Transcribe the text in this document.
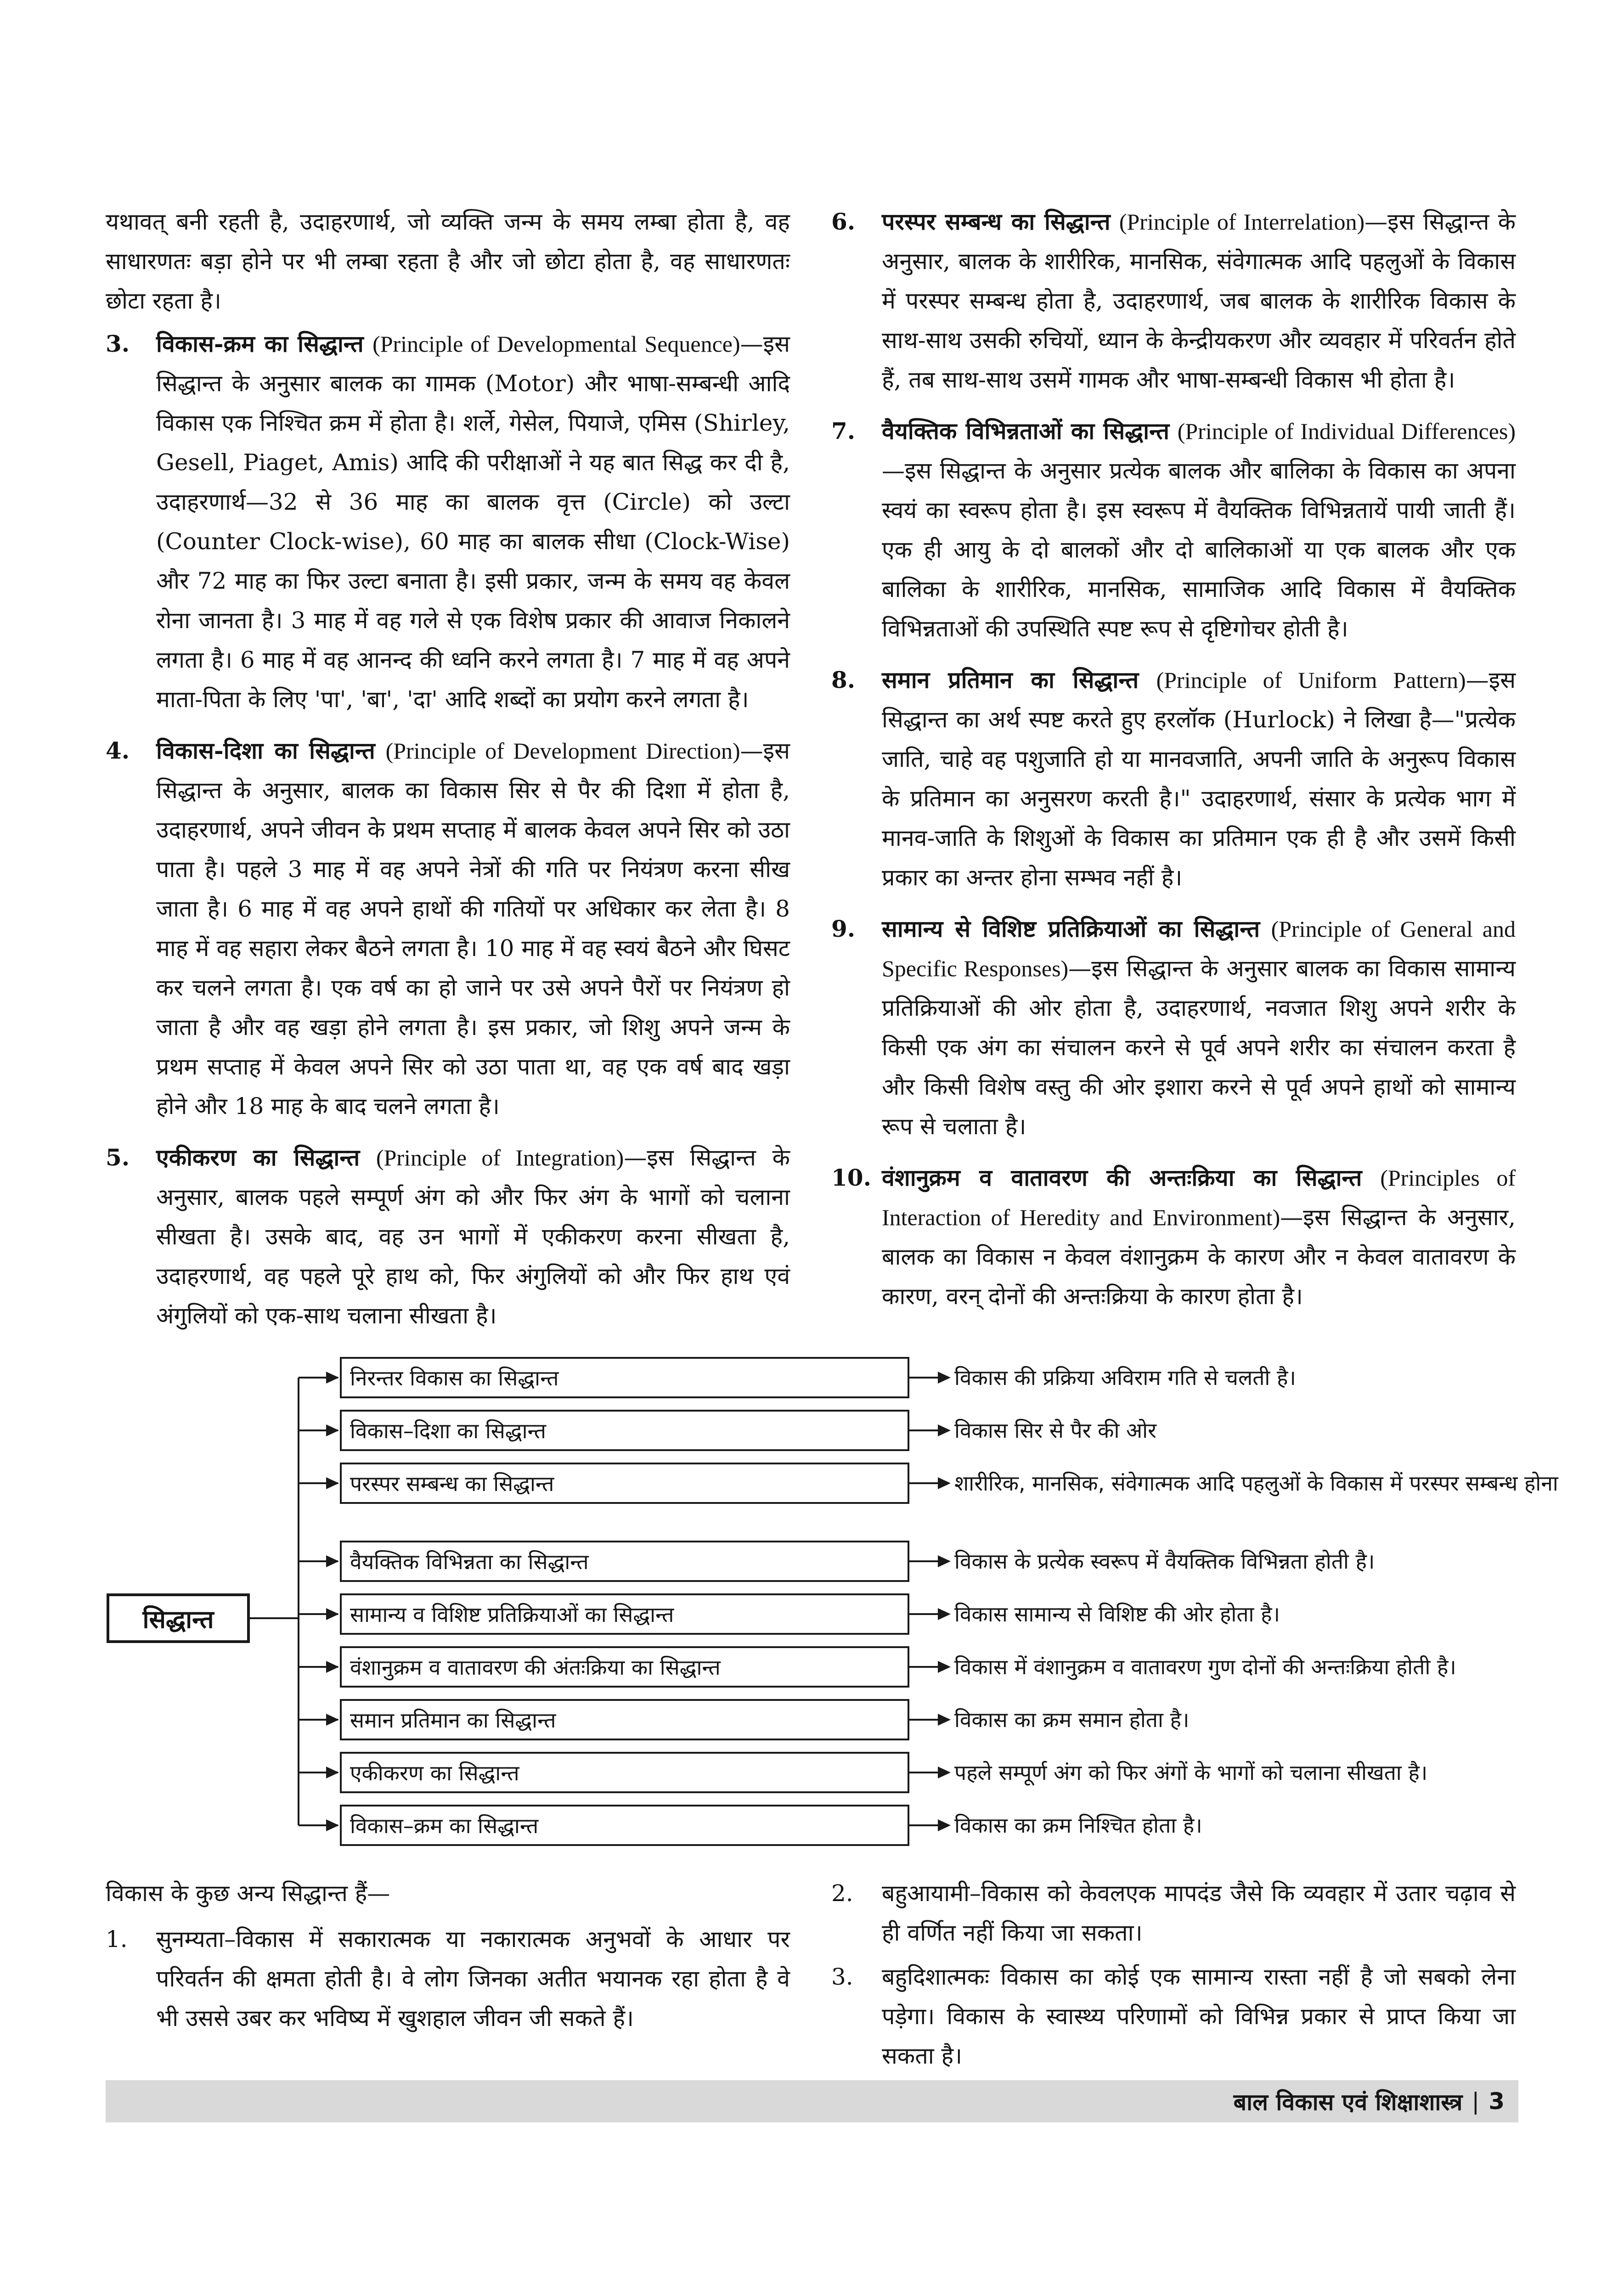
यथावत् बनी रहती है, उदाहरणार्थ, जो व्यक्ति जन्म के समय लम्बा होता है, वह साधारणतः बड़ा होने पर भी लम्बा रहता है और जो छोटा होता है, वह साधारणतः छोटा रहता है।

3.	विकास-क्रम का सिद्धान्त (Principle of Developmental Sequence)—इस सिद्धान्त के अनुसार बालक का गामक (Motor) और भाषा-सम्बन्धी आदि विकास एक निश्चित क्रम में होता है। शर्ले, गेसेल, पियाजे, एमिस (Shirley, Gesell, Piaget, Amis) आदि की परीक्षाओं ने यह बात सिद्ध कर दी है, उदाहरणार्थ—32 से 36 माह का बालक वृत्त (Circle) को उल्टा (Counter Clock-wise), 60 माह का बालक सीधा (Clock-Wise) और 72 माह का फिर उल्टा बनाता है। इसी प्रकार, जन्म के समय वह केवल रोना जानता है। 3 माह में वह गले से एक विशेष प्रकार की आवाज निकालने लगता है। 6 माह में वह आनन्द की ध्वनि करने लगता है। 7 माह में वह अपने माता-पिता के लिए 'पा', 'बा', 'दा' आदि शब्दों का प्रयोग करने लगता है।

4.	विकास-दिशा का सिद्धान्त (Principle of Development Direction)—इस सिद्धान्त के अनुसार, बालक का विकास सिर से पैर की दिशा में होता है, उदाहरणार्थ, अपने जीवन के प्रथम सप्ताह में बालक केवल अपने सिर को उठा पाता है। पहले 3 माह में वह अपने नेत्रों की गति पर नियंत्रण करना सीख जाता है। 6 माह में वह अपने हाथों की गतियों पर अधिकार कर लेता है। 8 माह में वह सहारा लेकर बैठने लगता है। 10 माह में वह स्वयं बैठने और घिसट कर चलने लगता है। एक वर्ष का हो जाने पर उसे अपने पैरों पर नियंत्रण हो जाता है और वह खड़ा होने लगता है। इस प्रकार, जो शिशु अपने जन्म के प्रथम सप्ताह में केवल अपने सिर को उठा पाता था, वह एक वर्ष बाद खड़ा होने और 18 माह के बाद चलने लगता है।

5.	एकीकरण का सिद्धान्त (Principle of Integration)—इस सिद्धान्त के अनुसार, बालक पहले सम्पूर्ण अंग को और फिर अंग के भागों को चलाना सीखता है। उसके बाद, वह उन भागों में एकीकरण करना सीखता है, उदाहरणार्थ, वह पहले पूरे हाथ को, फिर अंगुलियों को और फिर हाथ एवं अंगुलियों को एक-साथ चलाना सीखता है।

6.	परस्पर सम्बन्ध का सिद्धान्त (Principle of Interrelation)—इस सिद्धान्त के अनुसार, बालक के शारीरिक, मानसिक, संवेगात्मक आदि पहलुओं के विकास में परस्पर सम्बन्ध होता है, उदाहरणार्थ, जब बालक के शारीरिक विकास के साथ-साथ उसकी रुचियों, ध्यान के केन्द्रीयकरण और व्यवहार में परिवर्तन होते हैं, तब साथ-साथ उसमें गामक और भाषा-सम्बन्धी विकास भी होता है।

7.	वैयक्तिक विभिन्नताओं का सिद्धान्त (Principle of Individual Differences)—इस सिद्धान्त के अनुसार प्रत्येक बालक और बालिका के विकास का अपना स्वयं का स्वरूप होता है। इस स्वरूप में वैयक्तिक विभिन्नतायें पायी जाती हैं। एक ही आयु के दो बालकों और दो बालिकाओं या एक बालक और एक बालिका के शारीरिक, मानसिक, सामाजिक आदि विकास में वैयक्तिक विभिन्नताओं की उपस्थिति स्पष्ट रूप से दृष्टिगोचर होती है।

8.	समान प्रतिमान का सिद्धान्त (Principle of Uniform Pattern)—इस सिद्धान्त का अर्थ स्पष्ट करते हुए हरलॉक (Hurlock) ने लिखा है—"प्रत्येक जाति, चाहे वह पशुजाति हो या मानवजाति, अपनी जाति के अनुरूप विकास के प्रतिमान का अनुसरण करती है।" उदाहरणार्थ, संसार के प्रत्येक भाग में मानव-जाति के शिशुओं के विकास का प्रतिमान एक ही है और उसमें किसी प्रकार का अन्तर होना सम्भव नहीं है।

9.	सामान्य से विशिष्ट प्रतिक्रियाओं का सिद्धान्त (Principle of General and Specific Responses)—इस सिद्धान्त के अनुसार बालक का विकास सामान्य प्रतिक्रियाओं की ओर होता है, उदाहरणार्थ, नवजात शिशु अपने शरीर के किसी एक अंग का संचालन करने से पूर्व अपने शरीर का संचालन करता है और किसी विशेष वस्तु की ओर इशारा करने से पूर्व अपने हाथों को सामान्य रूप से चलाता है।

10. वंशानुक्रम व वातावरण की अन्तःक्रिया का सिद्धान्त (Principles of Interaction of Heredity and Environment)—इस सिद्धान्त के अनुसार, बालक का विकास न केवल वंशानुक्रम के कारण और न केवल वातावरण के कारण, वरन् दोनों की अन्तःक्रिया के कारण होता है।

सिद्धान्त
निरन्तर विकास का सिद्धान्त
विकास–दिशा का सिद्धान्त
परस्पर सम्बन्ध का सिद्धान्त
वैयक्तिक विभिन्नता का सिद्धान्त
सामान्य व विशिष्ट प्रतिक्रियाओं का सिद्धान्त
वंशानुक्रम व वातावरण की अंतःक्रिया का सिद्धान्त
समान प्रतिमान का सिद्धान्त
एकीकरण का सिद्धान्त
विकास–क्रम का सिद्धान्त
विकास की प्रक्रिया अविराम गति से चलती है।
विकास सिर से पैर की ओर
शारीरिक, मानसिक, संवेगात्मक आदि पहलुओं के विकास में परस्पर सम्बन्ध होना
विकास के प्रत्येक स्वरूप में वैयक्तिक विभिन्नता होती है।
विकास सामान्य से विशिष्ट की ओर होता है।
विकास में वंशानुक्रम व वातावरण गुण दोनों की अन्तःक्रिया होती है।
विकास का क्रम समान होता है।
पहले सम्पूर्ण अंग को फिर अंगों के भागों को चलाना सीखता है।
विकास का क्रम निश्चित होता है।

विकास के कुछ अन्य सिद्धान्त हैं—

1.	सुनम्यता–विकास में सकारात्मक या नकारात्मक अनुभवों के आधार पर परिवर्तन की क्षमता होती है। वे लोग जिनका अतीत भयानक रहा होता है वे भी उससे उबर कर भविष्य में खुशहाल जीवन जी सकते हैं।

2.	बहुआयामी–विकास को केवलएक मापदंड जैसे कि व्यवहार में उतार चढ़ाव से ही वर्णित नहीं किया जा सकता।

3.	बहुदिशात्मकः विकास का कोई एक सामान्य रास्ता नहीं है जो सबको लेना पड़ेगा। विकास के स्वास्थ्य परिणामों को विभिन्न प्रकार से प्राप्त किया जा सकता है।

बाल विकास एवं शिक्षाशास्त्र | 3
